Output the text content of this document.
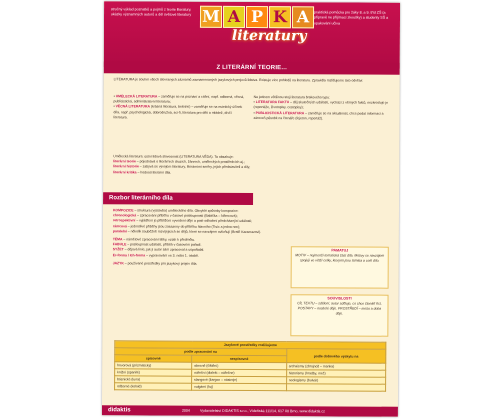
stručný výklad poznatků a pojmů z teorie literatury, ukázky významných autorů a děl světové literatury M A P K A
literatury
praktická pomůcka pro žáky 8. a 9. tříd ZŠ (a připravě ne přijímací zkoušky) a studenty SŠ a opakování učiva
Z LITERÁRNÍ TEORIE...
LITERATURA je souhrn všech slovesných záznamů zaznamenaných jazykových projevů lidstva. Existuje více pohledů na literaturu. Zpravidla rozlišujeme tato odvětví:
• UMĚLECKÁ LITERATURA – zaměřuje se na poznání a cítění, např. odborná, věcná, publicistická, administrativní literatura;
• VĚCNÁ LITERATURA (krásná literatura, beletrie) – zaměřuje se na estetický účinek díla, např. psychologická, dobrodružná, sci-fi, literatura pro děti a mládež, dívčí literatura.
Na jednom většinou stojí literatura brakového typu:
• LITERATURA FAKTU – děj skutečných událostí, vychází z věrných faktů, nezkresluje je (reportáže, životopisy, cestopisy);
• PUBLICISTICKÁ LITERATURA – zaměřuje se na aktuálnost, chce podat informaci a zároveň působit na čtenáře (fejeton, reportáž).
Umělecká literatura: ústní lidová slovesnost (LITERATURA VĚDA). Ta obsahuje:
literární teorie – pojednává o literárních druzích, žánrech, uměleckých prostředcích aj.;
literární historie – zabývá se vývojem literatury, literárními směry, jejich představiteli a díly;
literární kritika – hodnotí literární díla.
Rozbor literárního díla
KOMPOZICE – struktura (výstavba) uměleckého díla. Obvyklé způsoby kompozice:
chronologická – zpracování příběhu v časové posloupnosti (Babička – Němcová);
retrospektivní – vyjádření je přiblížení vyvedení děje a poté odhalení předcházející události;
rámcová – jednotlivé příběhy jsou zasazeny do příběhu hlavního (Tisíc a jedna noc);
paralelní – několik souběžně rozvíjejících se dějů, které se navzájem ovlivňují (Bratři Karamazovi).
TÉMA – námětové zpracování látky, vztah k předmětu.
FABULE – posloupnost událostí, příběh v časovém pořadí.
SYŽET – dějová linie, jak ji autor sám zpracoval a uspořádal.
Er-forma / Ich-forma – vypravování ve 3. nebo 1. osobě.
JAZYK – používané prostředky pro jazykový projev díla.
PAMATUJ
MOTIV – nejmenší tematická část díla. Motivy se navzájem spojují ve větší celky, kterými jsou témata a celé dílo.
SOUVISLOSTI
CÍL TEXTU – sdělení; autor sděluje, co chce čtenáři říct. POSTAVY – nositelé děje. PROSTŘEDÍ – místo a doba děje.
Jazykové prostředky rozlišujeme		
podle zpracování na		podle dobového výskytu na
spisovné	nespisovné	
hovorová (prizmatický)	obecně (čištění)	archaismy (zbrojnoš – manka)
knižní (spanilé)	nářeční (dialekt – nářečne)	historismy (hradby, meč)
básnické (luna)	slangové (žargon – nástroje)	neologismy (bulvár)
odborné (koloid)	vulgární (fuj)	
didaktis	2004	Vydavatelství DIDAKTIS s.r.o., Vídeňská 111/14, 617 00 Brno, www.didaktis.cz
